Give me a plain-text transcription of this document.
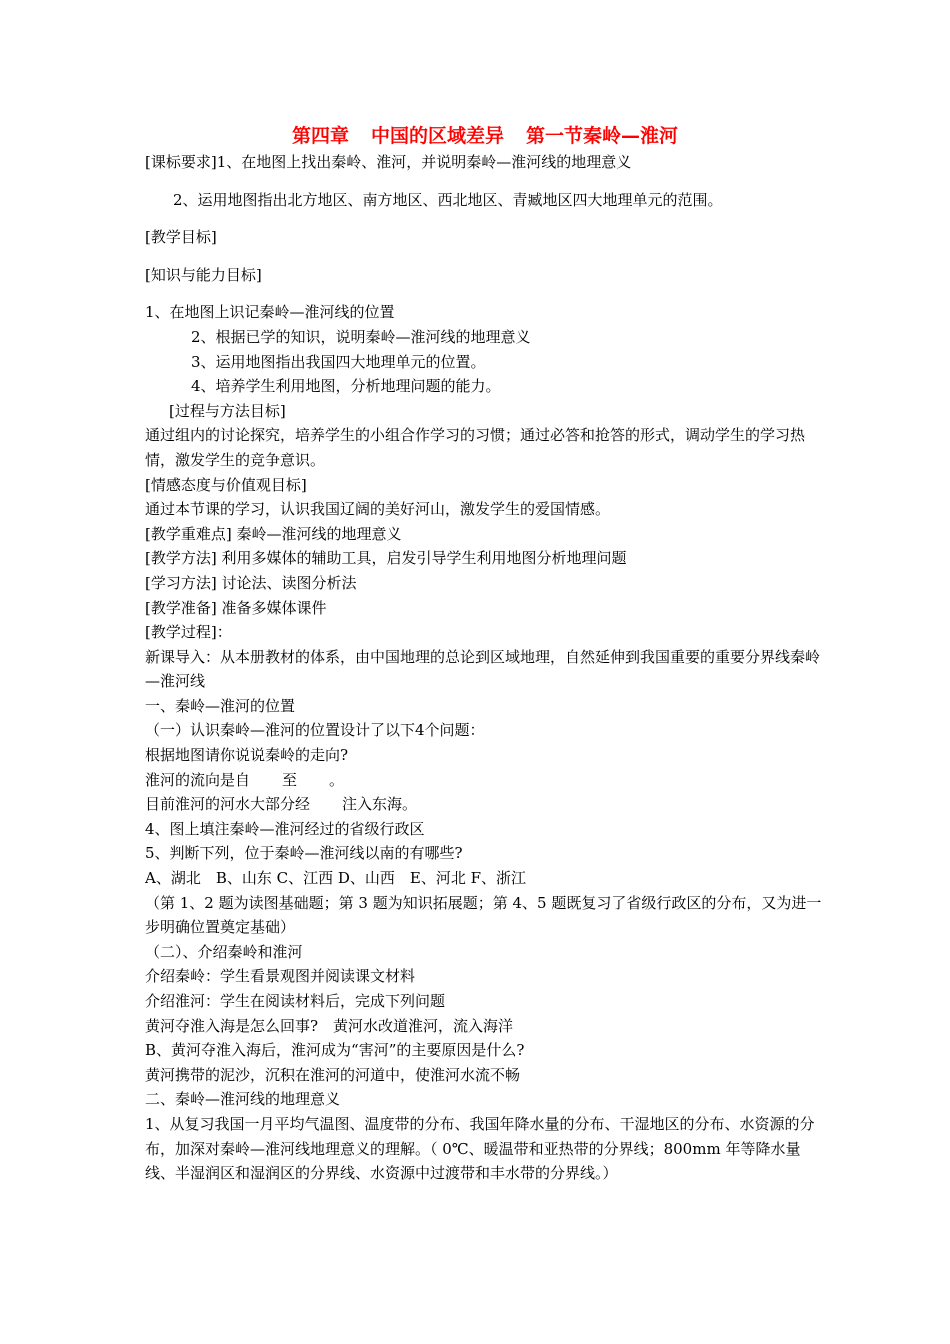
第四章 中国的区域差异 第一节秦岭—淮河

[课标要求]1、在地图上找出秦岭、淮河，并说明秦岭—淮河线的地理意义

2、运用地图指出北方地区、南方地区、西北地区、青臧地区四大地理单元的范围。

[教学目标]

[知识与能力目标]

1、在地图上识记秦岭—淮河线的位置

2、根据已学的知识，说明秦岭—淮河线的地理意义

3、运用地图指出我国四大地理单元的位置。

4、培养学生利用地图，分析地理问题的能力。

[过程与方法目标]

通过组内的讨论探究，培养学生的小组合作学习的习惯；通过必答和抢答的形式，调动学生的学习热情，激发学生的竞争意识。

[情感态度与价值观目标]

通过本节课的学习，认识我国辽阔的美好河山，激发学生的爱国情感。

[教学重难点] 秦岭—淮河线的地理意义

[教学方法] 利用多媒体的辅助工具，启发引导学生利用地图分析地理问题

[学习方法] 讨论法、读图分析法

[教学准备] 准备多媒体课件

[教学过程]：

新课导入：从本册教材的体系，由中国地理的总论到区域地理，自然延伸到我国重要的重要分界线秦岭—淮河线

一、秦岭—淮河的位置

（一）认识秦岭—淮河的位置设计了以下4个问题：

根据地图请你说说秦岭的走向?

淮河的流向是自 至 。

目前淮河的河水大部分经 注入东海。

4、图上填注秦岭—淮河经过的省级行政区

5、判断下列，位于秦岭—淮河线以南的有哪些?

A、湖北　B、山东 C、江西 D、山西　E、河北 F、浙江

（第 1、2 题为读图基础题；第 3 题为知识拓展题；第 4、5 题既复习了省级行政区的分布，又为进一步明确位置奠定基础）

（二）、介绍秦岭和淮河

介绍秦岭：学生看景观图并阅读课文材料

介绍淮河：学生在阅读材料后，完成下列问题

黄河夺淮入海是怎么回事?　黄河水改道淮河，流入海洋

B、黄河夺淮入海后，淮河成为“害河”的主要原因是什么?

黄河携带的泥沙，沉积在淮河的河道中，使淮河水流不畅

二、秦岭—淮河线的地理意义

1、从复习我国一月平均气温图、温度带的分布、我国年降水量的分布、干湿地区的分布、水资源的分布，加深对秦岭—淮河线地理意义的理解。（ 0℃、暖温带和亚热带的分界线；800mm 年等降水量线、半湿润区和湿润区的分界线、水资源中过渡带和丰水带的分界线。）
